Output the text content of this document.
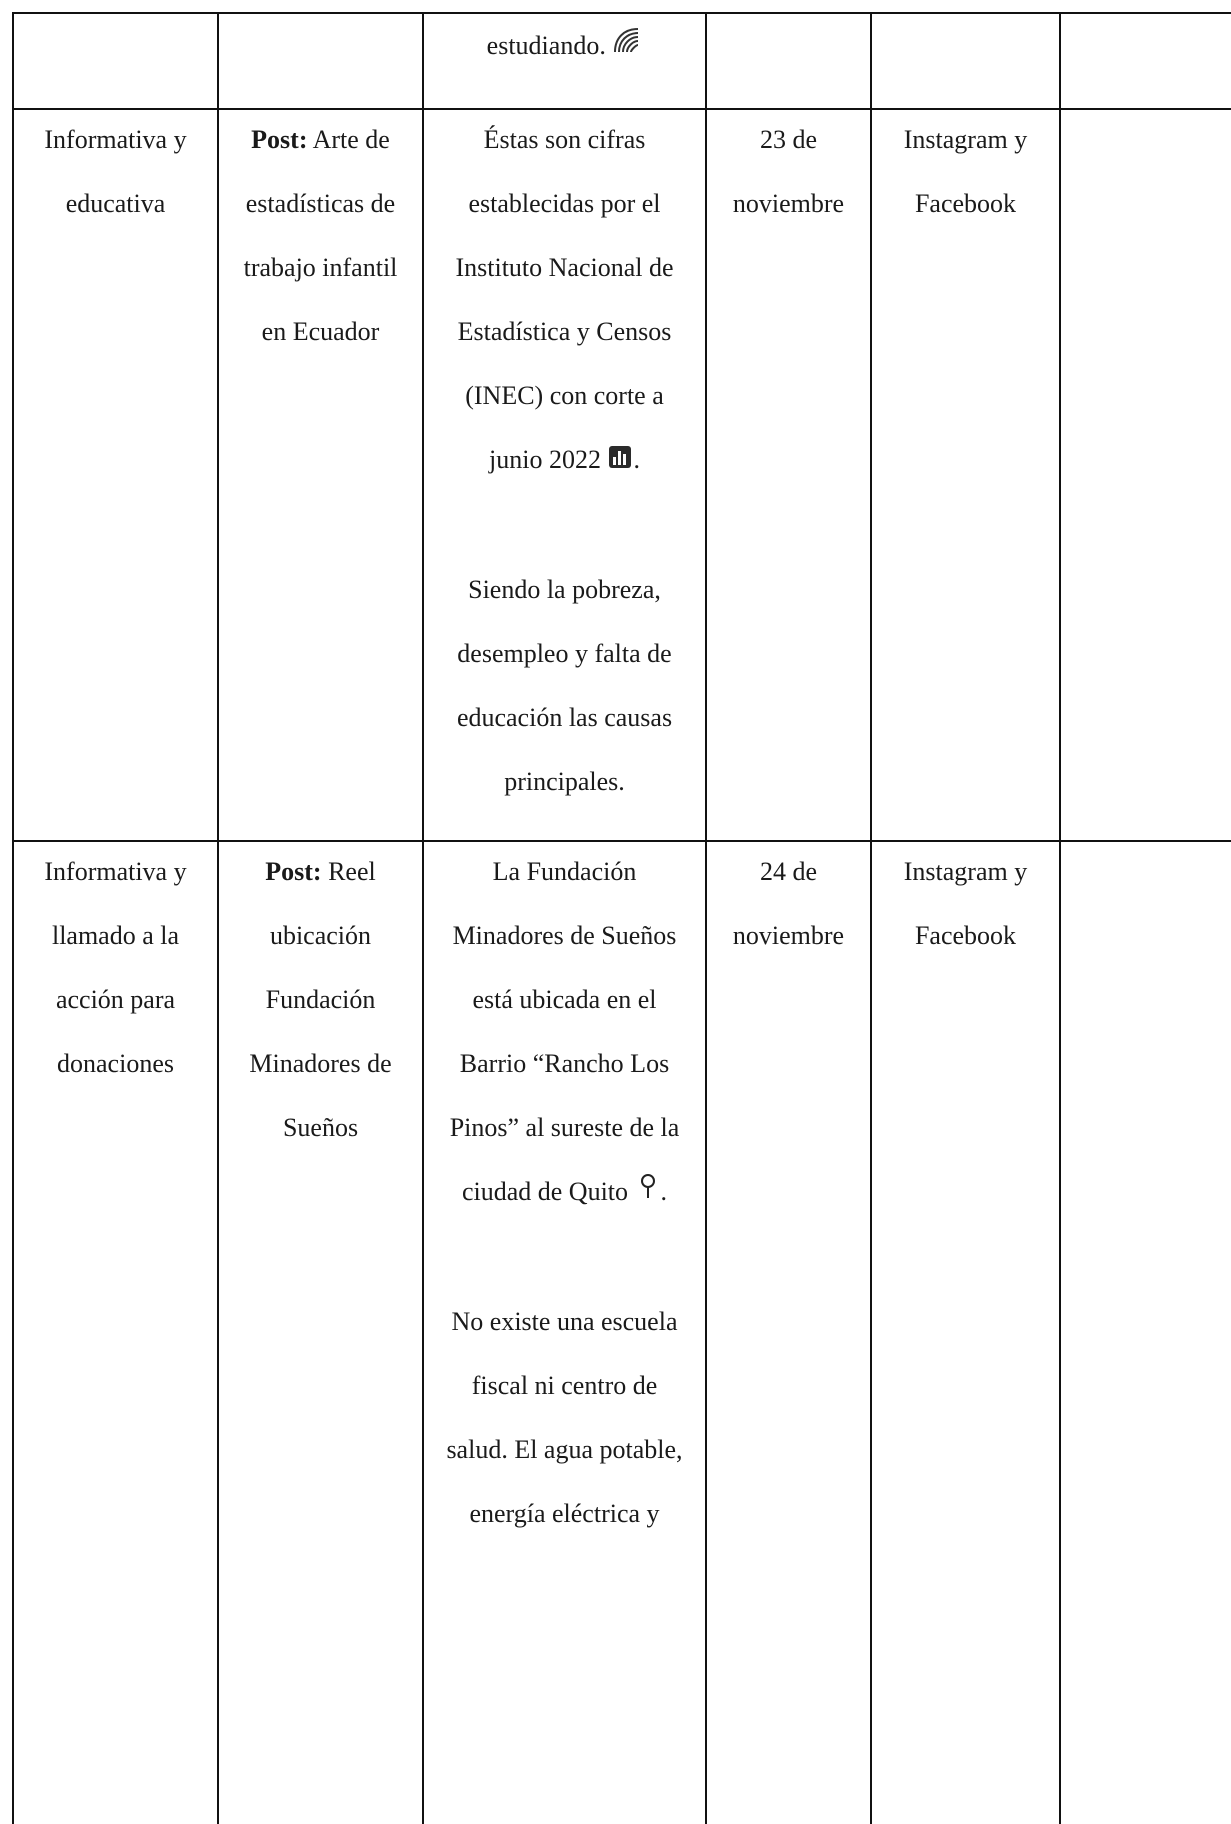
estudiando.
Informativa y
educativa
Post: Arte de
estadísticas de
trabajo infantil
en Ecuador
Éstas son cifras
establecidas por el
Instituto Nacional de
Estadística y Censos
(INEC) con corte a
junio 2022 .

Siendo la pobreza,
desempleo y falta de
educación las causas
principales.
23 de
noviembre
Instagram y
Facebook
Informativa y
llamado a la
acción para
donaciones
Post: Reel
ubicación
Fundación
Minadores de
Sueños
La Fundación
Minadores de Sueños
está ubicada en el
Barrio “Rancho Los
Pinos” al sureste de la
ciudad de Quito .

No existe una escuela
fiscal ni centro de
salud. El agua potable,
energía eléctrica y
24 de
noviembre
Instagram y
Facebook
